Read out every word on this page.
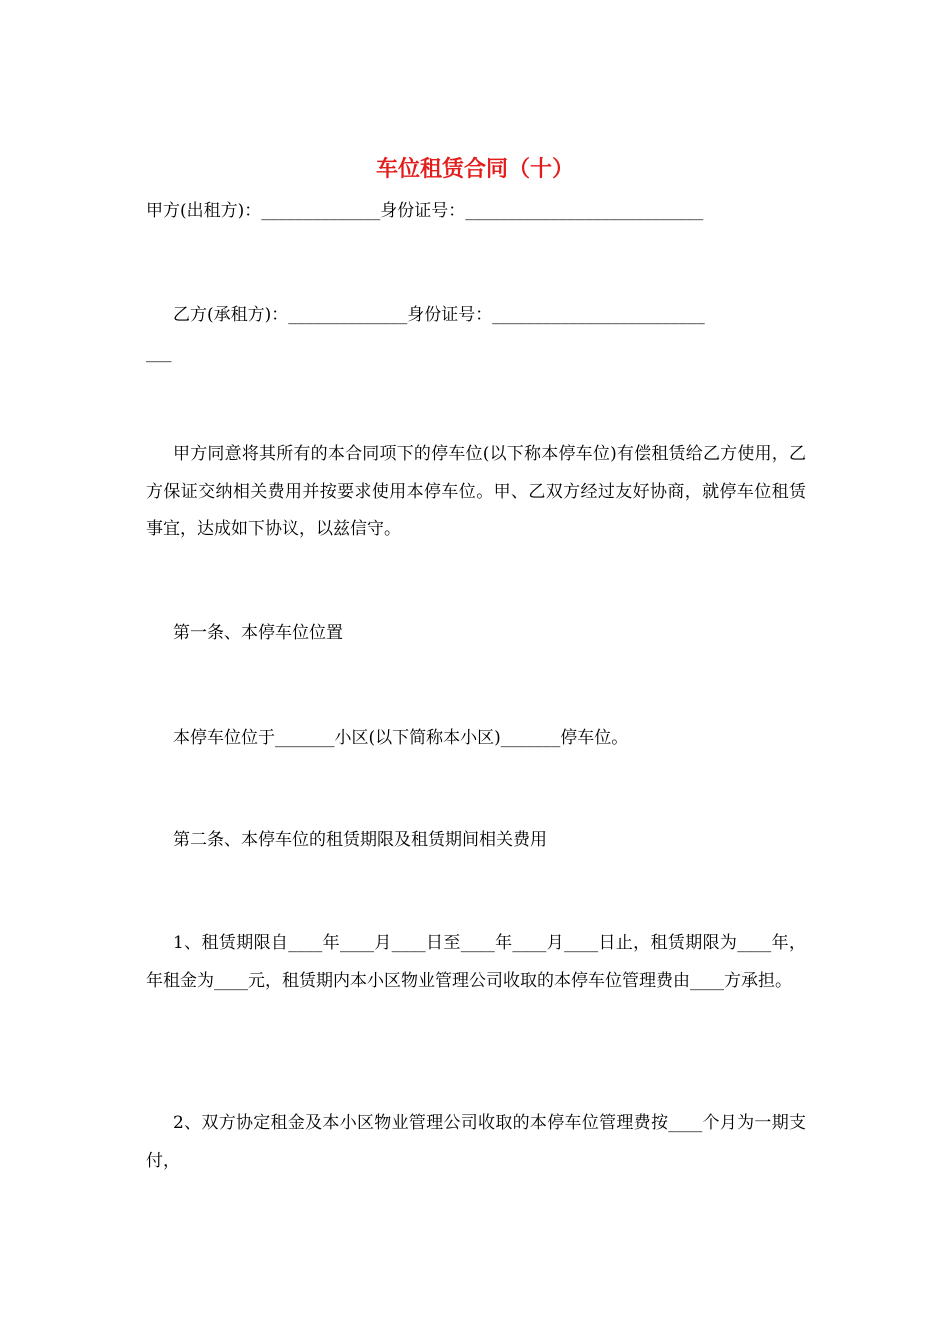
车位租赁合同（十）
甲方(出租方)：______________身份证号：____________________________
乙方(承租方)：______________身份证号：_________________________
___

甲方同意将其所有的本合同项下的停车位(以下称本停车位)有偿租赁给乙方使用，乙方保证交纳相关费用并按要求使用本停车位。甲、乙双方经过友好协商，就停车位租赁事宜，达成如下协议，以兹信守。

第一条、本停车位位置
本停车位位于_______小区(以下简称本小区)_______停车位。
第二条、本停车位的租赁期限及租赁期间相关费用

1、租赁期限自____年____月____日至____年____月____日止，租赁期限为____年，年租金为____元，租赁期内本小区物业管理公司收取的本停车位管理费由____方承担。

2、双方协定租金及本小区物业管理公司收取的本停车位管理费按____个月为一期支付，
